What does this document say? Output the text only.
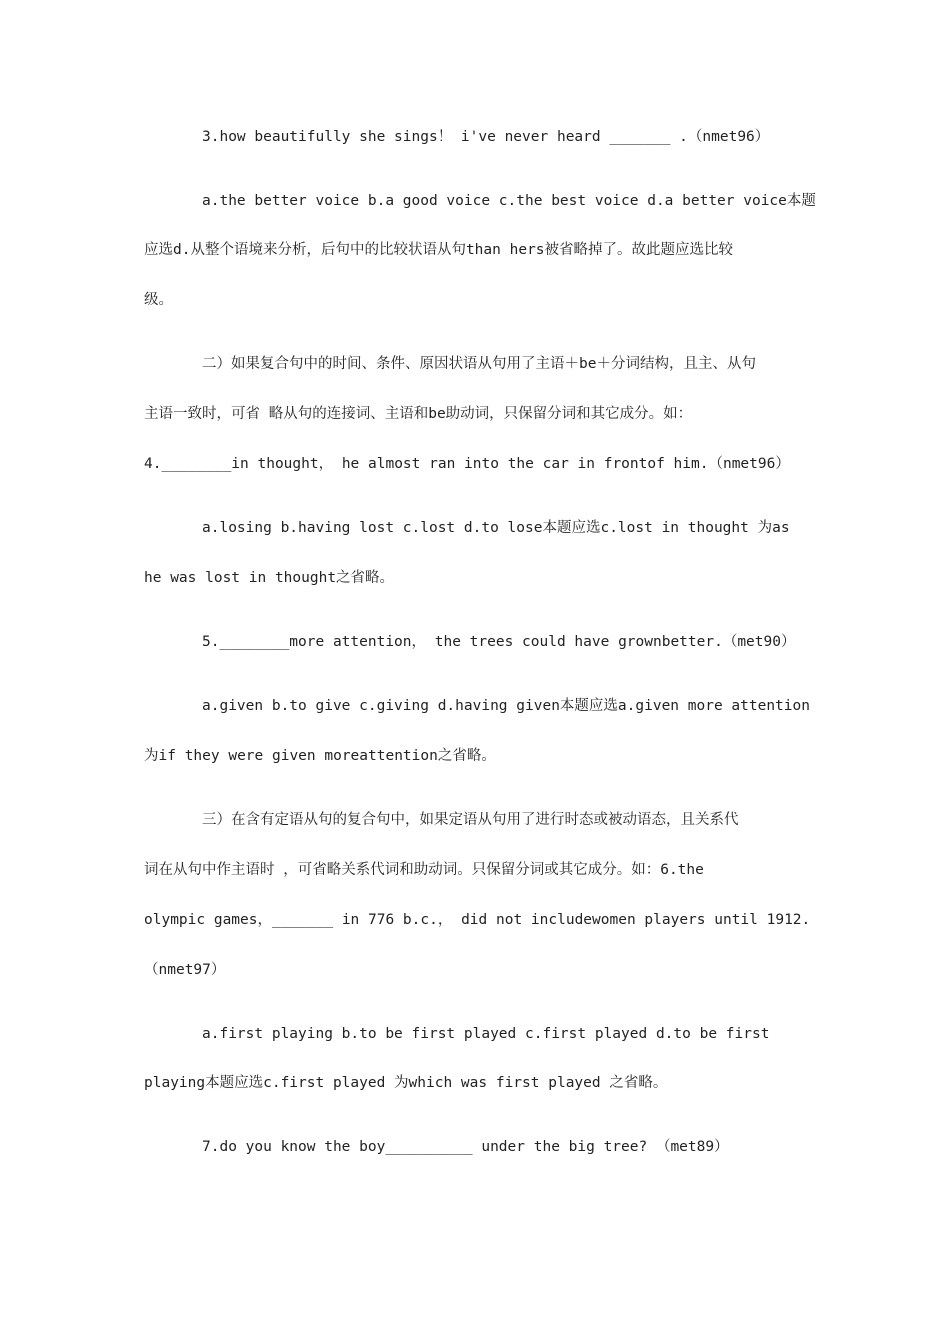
3.how beautifully she sings！ i've never heard _______ .（nmet96）
a.the better voice b.a good voice c.the best voice d.a better voice本题
应选d.从整个语境来分析，后句中的比较状语从句than hers被省略掉了。故此题应选比较
级。
二）如果复合句中的时间、条件、原因状语从句用了主语＋be＋分词结构，且主、从句
主语一致时，可省 略从句的连接词、主语和be助动词，只保留分词和其它成分。如：
4.________in thought， he almost ran into the car in frontof him.（nmet96）
a.losing b.having lost c.lost d.to lose本题应选c.lost in thought 为as
he was lost in thought之省略。
5.________more attention， the trees could have grownbetter.（met90）
a.given b.to give c.giving d.having given本题应选a.given more attention
为if they were given moreattention之省略。
三）在含有定语从句的复合句中，如果定语从句用了进行时态或被动语态，且关系代
词在从句中作主语时 ，可省略关系代词和助动词。只保留分词或其它成分。如：6.the
olympic games，_______ in 776 b.c.， did not includewomen players until 1912.
（nmet97）
a.first playing b.to be first played c.first played d.to be first
playing本题应选c.first played 为which was first played 之省略。
7.do you know the boy__________ under the big tree? （met89）
